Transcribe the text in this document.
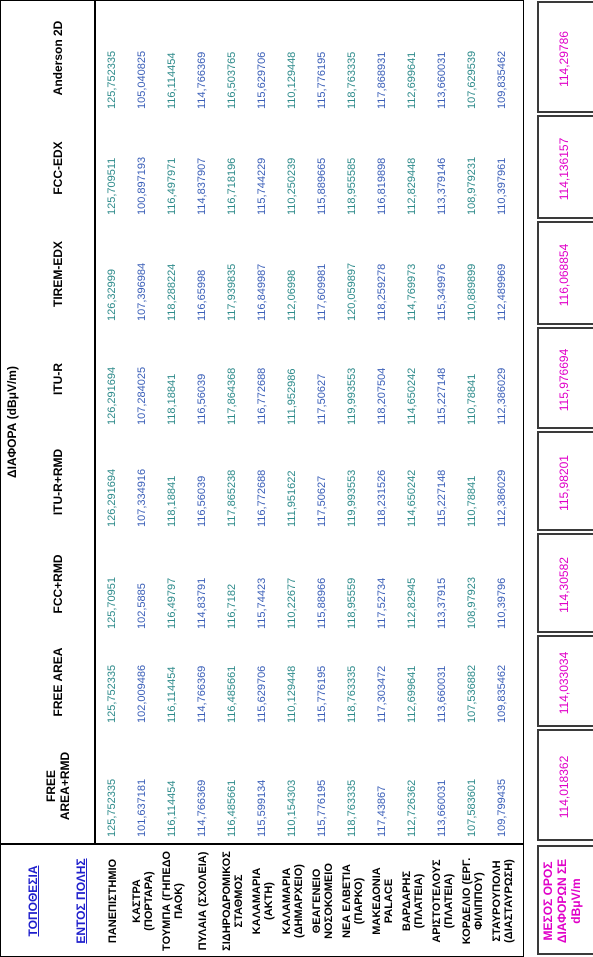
ΤΟΠΟΘΕΣΙΑ	ΕΝΤΟΣ ΠΟΛΗΣ
ΔΙΑΦΟΡΑ (dBμV/m)
FREE AREA+RMD
FREE AREA
FCC+RMD
ITU-R+RMD
ITU-R
TIREM-EDX
FCC-EDX
Anderson 2D
ΠΑΝΕΠΙΣΤΗΜΙΟ
125,752335
125,752335
125,70951
126,291694
126,291694
126,32999
125,709511
125,752335
ΚΑΣΤΡΑ (ΠΟΡΤΑΡΑ)
101,637181
102,009486
102,5885
107,334916
107,284025
107,396984
100,897193
105,040825
ΤΟΥΜΠΑ (ΓΗΠΕΔΟ ΠΑΟΚ)
116,114454
116,114454
116,49797
118,18841
118,18841
118,288224
116,497971
116,114454
ΠΥΛΑΙΑ (ΣΧΟΛΕΙΑ)
114,766369
114,766369
114,83791
116,56039
116,56039
116,65998
114,837907
114,766369
ΣΙΔΗΡΟΔΡΟΜΙΚΟΣ ΣΤΑΘΜΟΣ
116,485661
116,485661
116,7182
117,865238
117,864368
117,939835
116,718196
116,503765
ΚΑΛΑΜΑΡΙΑ (ΑΚΤΗ)
115,599134
115,629706
115,74423
116,772688
116,772688
116,849987
115,744229
115,629706
ΚΑΛΑΜΑΡΙΑ (ΔΗΜΑΡΧΕΙΟ)
110,154303
110,129448
110,22677
111,951622
111,952986
112,06998
110,250239
110,129448
ΘΕΑΓΕΝΕΙΟ ΝΟΣΟΚΟΜΕΙΟ
115,776195
115,776195
115,88966
117,50627
117,50627
117,609981
115,889665
115,776195
ΝΕΑ ΕΛΒΕΤΙΑ (ΠΑΡΚΟ)
118,763335
118,763335
118,95559
119,993553
119,993553
120,059897
118,955585
118,763335
ΜΑΚΕΔΟΝΙΑ PALACE
117,43867
117,303472
117,52734
118,231526
118,207504
118,259278
116,819898
117,868931
ΒΑΡΔΑΡΗΣ (ΠΛΑΤΕΙΑ)
112,726362
112,699641
112,82945
114,650242
114,650242
114,769973
112,829448
112,699641
ΑΡΙΣΤΟΤΕΛΟΥΣ (ΠΛΑΤΕΙΑ)
113,660031
113,660031
113,37915
115,227148
115,227148
115,349976
113,379146
113,660031
ΚΟΡΔΕΛΙΟ (ΕΡΓ. ΦΙΛΙΠΠΟΥ)
107,583601
107,536882
108,97923
110,78841
110,78841
110,889899
108,979231
107,629539
ΣΤΑΥΡΟΥΠΟΛΗ (ΔΙΑΣΤΑΥΡΩΣΗ)
109,799435
109,835462
110,39796
112,386029
112,386029
112,489969
110,397961
109,835462
ΜΕΣΟΣ ΟΡΟΣ ΔΙΑΦΟΡΩΝ ΣΕ dBμV/m
114,018362
114,033034
114,30582
115,98201
115,976694
116,068854
114,136157
114,29786
